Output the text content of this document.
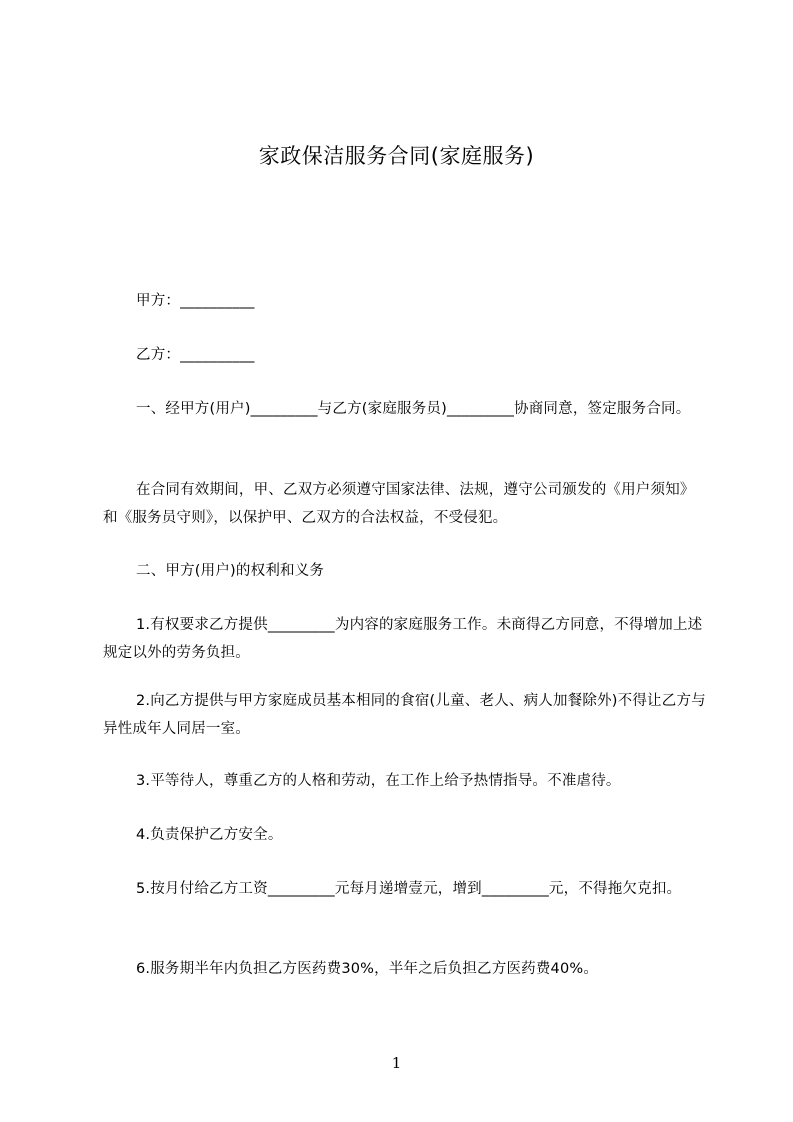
家政保洁服务合同(家庭服务)
甲方：__________
乙方：__________
一、经甲方(用户)_________与乙方(家庭服务员)_________协商同意，签定服务合同。
在合同有效期间，甲、乙双方必须遵守国家法律、法规，遵守公司颁发的《用户须知》和《服务员守则》，以保护甲、乙双方的合法权益，不受侵犯。
二、甲方(用户)的权利和义务
1.有权要求乙方提供_________为内容的家庭服务工作。未商得乙方同意，不得增加上述规定以外的劳务负担。
2.向乙方提供与甲方家庭成员基本相同的食宿(儿童、老人、病人加餐除外)不得让乙方与异性成年人同居一室。
3.平等待人，尊重乙方的人格和劳动，在工作上给予热情指导。不准虐待。
4.负责保护乙方安全。
5.按月付给乙方工资_________元每月递增壹元，增到_________元，不得拖欠克扣。
6.服务期半年内负担乙方医药费30%，半年之后负担乙方医药费40%。
1
